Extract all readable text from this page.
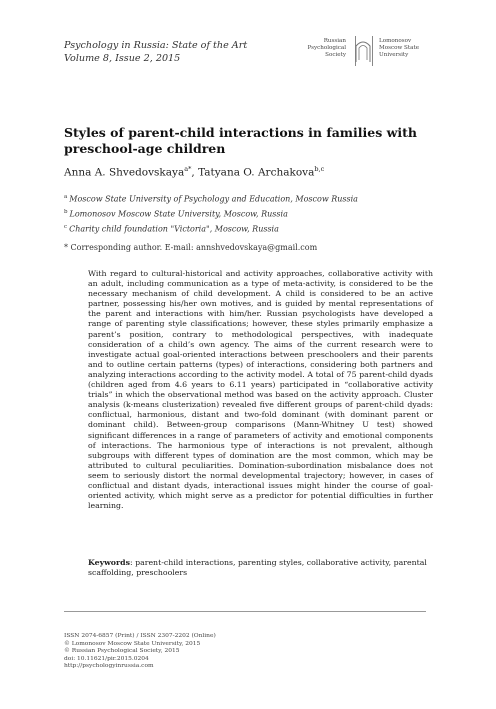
Psychology in Russia: State of the Art
Volume 8, Issue 2, 2015
Russian
Psychological
Society
Lomonosov
Moscow State
University
Styles of parent-child interactions in families with preschool-age children
Anna A. Shvedovskaya$^{a*}$, Tatyana O. Archakova$^{b,c}$
$^a$ Moscow State University of Psychology and Education, Moscow Russia
$^b$ Lomonosov Moscow State University, Moscow, Russia
$^c$ Charity child foundation "Victoria", Moscow, Russia
* Corresponding author. E-mail: annshvedovskaya@gmail.com
With regard to cultural-historical and activity approaches, collaborative activity with an adult, including communication as a type of meta-activity, is considered to be the necessary mechanism of child development. A child is considered to be an active partner, possessing his/her own motives, and is guided by mental representations of the parent and interactions with him/her. Russian psychologists have developed a range of parenting style classifications; however, these styles primarily emphasize a parent’s position, contrary to methodological perspectives, with inadequate consideration of a child’s own agency. The aims of the current research were to investigate actual goal-oriented interactions between preschoolers and their parents and to outline certain patterns (types) of interactions, considering both partners and analyzing interactions according to the activity model. A total of 75 parent-child dyads (children aged from 4.6 years to 6.11 years) participated in “collaborative activity trials” in which the observational method was based on the activity approach. Cluster analysis (k-means clusterization) revealed five different groups of parent-child dyads: conflictual, harmonious, distant and two-fold dominant (with dominant parent or dominant child). Between-group comparisons (Mann-Whitney U test) showed significant differences in a range of parameters of activity and emotional components of interactions. The harmonious type of interactions is not prevalent, although subgroups with different types of domination are the most common, which may be attributed to cultural peculiarities. Domination-subordination misbalance does not seem to seriously distort the normal developmental trajectory; however, in cases of conflictual and distant dyads, interactional issues might hinder the course of goal-oriented activity, which might serve as a predictor for potential difficulties in further learning.
Keywords: parent-child interactions, parenting styles, collaborative activity, parental scaffolding, preschoolers
ISSN 2074-6857 (Print) / ISSN 2307-2202 (Online)
© Lomonosov Moscow State University, 2015
© Russian Psychological Society, 2015
doi: 10.11621/pir.2015.0204
http://psychologyinrussia.com
